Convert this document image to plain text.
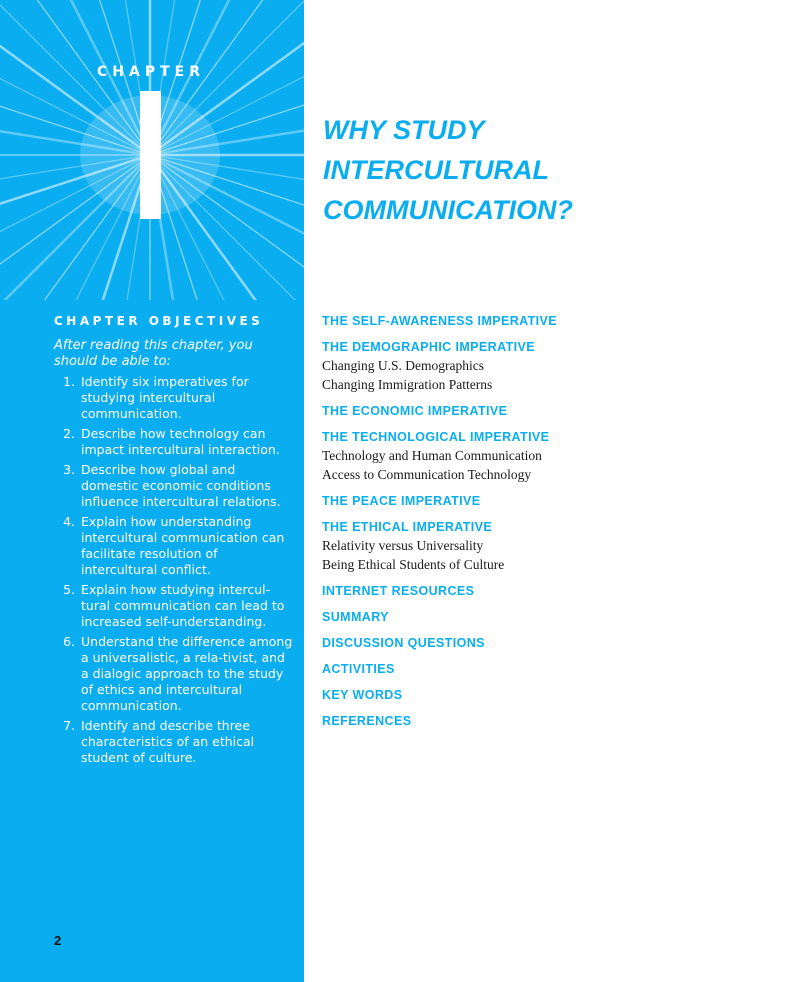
CHAPTER
CHAPTER OBJECTIVES
After reading this chapter, you should be able to:
1. Identify six imperatives for studying intercultural communication.
2. Describe how technology can impact intercultural interaction.
3. Describe how global and domestic economic conditions influence intercultural relations.
4. Explain how understanding intercultural communication can facilitate resolution of intercultural conflict.
5. Explain how studying intercul-tural communication can lead to increased self-understanding.
6. Understand the difference among a universalistic, a rela-tivist, and a dialogic approach to the study of ethics and intercultural communication.
7. Identify and describe three characteristics of an ethical student of culture.
2
WHY STUDY
INTERCULTURAL
COMMUNICATION?
THE SELF-AWARENESS IMPERATIVE
THE DEMOGRAPHIC IMPERATIVE
Changing U.S. Demographics
Changing Immigration Patterns
THE ECONOMIC IMPERATIVE
THE TECHNOLOGICAL IMPERATIVE
Technology and Human Communication
Access to Communication Technology
THE PEACE IMPERATIVE
THE ETHICAL IMPERATIVE
Relativity versus Universality
Being Ethical Students of Culture
INTERNET RESOURCES
SUMMARY
DISCUSSION QUESTIONS
ACTIVITIES
KEY WORDS
REFERENCES
